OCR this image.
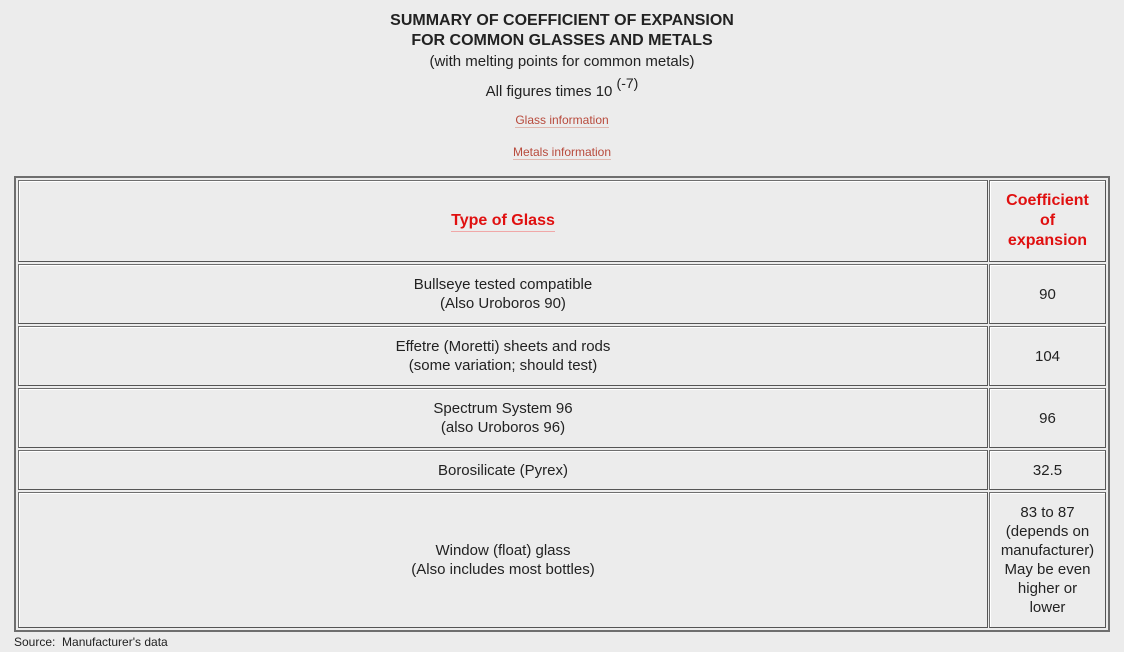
SUMMARY OF COEFFICIENT OF EXPANSION
FOR COMMON GLASSES AND METALS
(with melting points for common metals)
All figures times 10 $^{(-7)}$
Glass information
Metals information
Type of Glass
Coefficient
of
expansion
Bullseye tested compatible
(Also Uroboros 90)
90
Effetre (Moretti) sheets and rods
(some variation; should test)
104
Spectrum System 96
(also Uroboros 96)
96
Borosilicate (Pyrex)	32.5
Window (float) glass
(Also includes most bottles)
83 to 87
(depends on
manufacturer)
May be even
higher or
lower
Source:  Manufacturer's data
